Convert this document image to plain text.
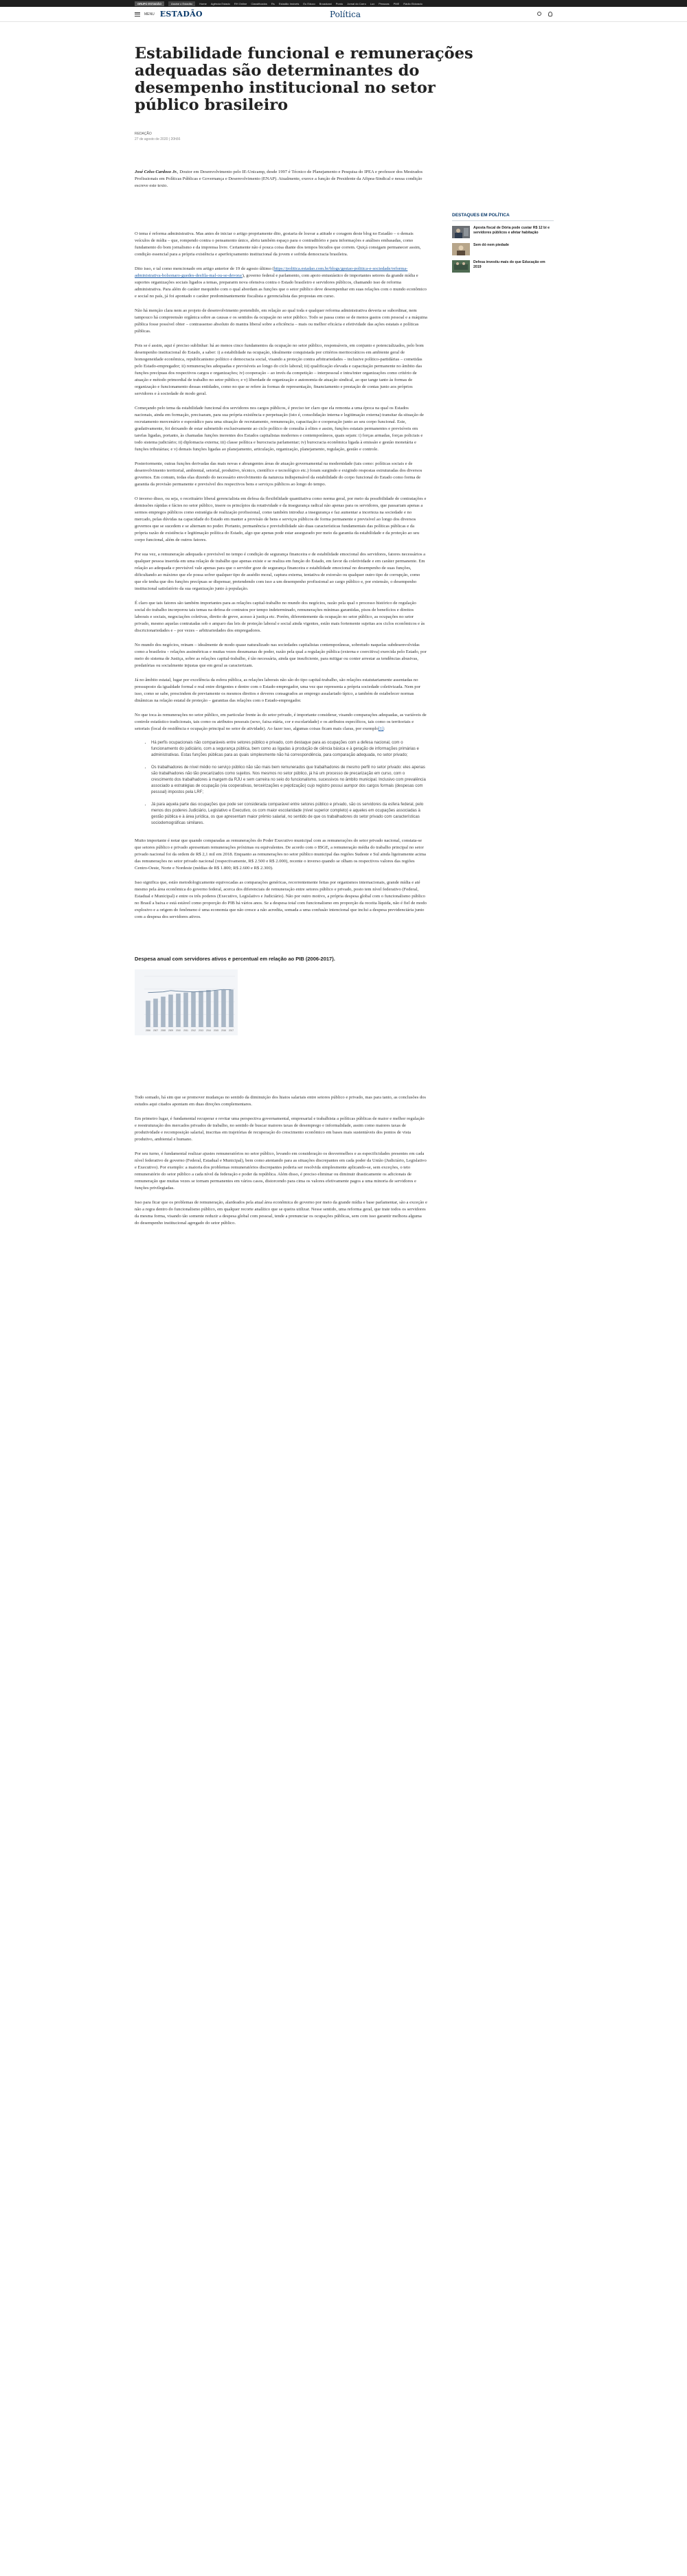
GRUPO ESTADÃO	Assine o Estadão	Home Agência Estado RH Online Classificados Rs Estadão Imóveis Eu Educo Broadcast Ponto Jornal do Carro Lux Pessoas PME Rádio Eldorado
MENU ESTADÃO	Política
Estabilidade funcional e remunerações adequadas são determinantes do desempenho institucional no setor público brasileiro
REDAÇÃO
27 de agosto de 2020 | 20h56

José Celso Cardoso Jr., Doutor em Desenvolvimento pelo IE-Unicamp, desde 1997 é Técnico de Planejamento e Pesquisa do IPEA e professor dos Mestrados Profissionais em Políticas Públicas e Governança e Desenvolvimento (ENAP). Atualmente, exerce a função de Presidente da Afipea-Sindical e nessa condição escreve este texto.

O tema é reforma administrativa. Mas antes de iniciar o artigo propriamente dito, gostaria de louvar a atitude e coragem deste blog no Estadão – o demais veículos de mídia – que, rompendo contra o pensamento único, abriu também espaço para o contraditório e para informações e análises embasadas, como fundamento do bom jornalismo e da imprensa livre. Certamente não é pouca coisa diante dos tempos bicudos que correm. Quiçá consigam permanecer assim, condição essencial para a própria existência e aperfeiçoamento institucional da jovem e sofrida democracia brasileira.

Dito isso, e tal como mencionado em artigo anterior de 19 de agosto último (https://politica.estadao.com.br/blogs/gestao-politica-e-sociedade/reforma-administrativa-bolsonaro-guedes-desfila-mal-ou-se-devora/), governo federal e parlamento, com apoio entusiástico de importantes setores da grande mídia e suportes organizações sociais ligados a temas, prepararm nova ofensiva contra o Estado brasileiro e servidores públicos, chamando isso de reforma administrativa. Para além do caráter mequinho com o qual abordam as funções que o setor público deve desempenhar em suas relações com o mundo econômico e social no país, já foi apontado o caráter predominantemente fiscalista e gerencialista das propostas em curso.

Não há menção clara nem ao projeto de desenvolvimento pretendido, em relação ao qual toda e qualquer reforma administrativa deveria se subordinar, nem tampouco há compreensão orgânica sobre as causas e os sentidos da ocupação no setor público. Todo se passa como se de menos gastos com pessoal e a máquina pública fosse possível obter – contrassenso absoluto do mantra liberal sobre a eficiência – mais ou melhor eficácia e efetividade das ações estatais e políticas públicas.

Pois se é assim, aqui é preciso sublinhar: há ao menos cinco fundamentos da ocupação no setor público, responsáveis, em conjunto e potencializados, pelo bom desempenho institucional do Estado, a saber: i) a estabilidade na ocupação, idealmente conquistada por critérios meritocráticos em ambiente geral de homogeneidade econômica, republicanismo político e democracia social, visando a proteção contra arbitrariedades – inclusive político-partidárias – cometidas pelo Estado-empregador; ii) remunerações adequadas e previsíveis ao longo do ciclo laboral; iii) qualificação elevada e capacitação permanente no âmbito das funções precípuas dos respectivos cargos e organizações; iv) cooperação – ao invés da competição – interpessoal e intra/inter organizações como critério de atuação e método primordial de trabalho no setor público; e v) liberdade de organização e autonomia de atuação sindical, ao que tange tanto às formas de organização e funcionamento dessas entidades, como no que se refere às formas de representação, financiamento e prestação de contas junto aos próprios servidores e à sociedade de modo geral.

Começando pelo tema da estabilidade funcional dos servidores nos cargos públicos, é preciso ter claro que ela remonta a uma época na qual os Estados nacionais, ainda em formação, precisaram, para sua própria existência e perpetuação (isto é, consolidação interna e legitimação externa) transitar da situação de recrutamento mercenário e esporádico para uma situação de recrutamento, remuneração, capacitação e cooperação junto ao seu corpo funcional. Este, gradativamente, foi deixando de estar submetido exclusivamente ao ciclo político de consulta à elites e assim, funções estatais permanentes e previsíveis em tarefas ligadas, portanto, às chamadas funções inerentes dos Estados capitalistas modernos e contemporâneos, quais sejam: i) forças armadas, forças policiais e todo sistema judiciário; ii) diplomacia externa; iii) classe política e burocracia parlamentar; iv) burocracia econômica ligada à emissão e gestão monetária e funções tributárias; e v) demais funções ligadas ao planejamento, articulação, organização, planejamento, regulação, gestão e controle.

Posteriormente, outras funções derivadas das mais novas e abrangentes áreas de atuação governamental na modernidade (tais como: políticas sociais e de desenvolvimento territorial, ambiental, setorial, produtivo, técnico, científico e tecnológico etc.) foram surgindo e exigindo respostas estruturadas dos diversos governos. Em comum, todas elas dizendo do necessário envolvimento da natureza indispensável da estabilidade do corpo funcional do Estado como forma de garantia da provisão permanente e previsível dos respectivos bens e serviços públicos ao longo do tempo.

O inverso disso, ou seja, o receituário liberal gerencialista em defesa da flexibilidade quantitativa como norma geral, por meio da possibilidade de contratações e demissões rápidas e fácies no setor público, insere os princípios da rotatividade e da insegurança radical não apenas para os servidores, que passariam apenas a sermos empregos públicos como estratégia de realização profissional, como também introduz a insegurança e faz aumentar a incerteza na sociedade e no mercado, pelas dúvidas na capacidade do Estado em manter a provisão de bens e serviços públicos de forma permanente e previsível ao longo dos diversos governos que se sucedem e se alternam no poder. Portanto, permanência e previsibilidade são duas características fundamentais das políticas públicas e da própria razão de existência e legitimação política do Estado, algo que apenas pode estar assegurado por meio da garantia da estabilidade e da proteção ao seu corpo funcional, além de outros fatores.

Por sua vez, a remuneração adequada e previsível no tempo é condição de segurança financeira e de estabilidade emocional dos servidores, fatores necessários a qualquer pessoa inserida em uma relação de trabalho que apenas existe e se realiza em função do Estado, em favor da coletividade e em caráter permanente. Em relação ao adequada e previsível vale apenas para que o servidor goze de segurança financeira e estabilidade emocional no desempenho de suas funções, dificultando ao máximo que ele possa sofrer qualquer tipo de assédio moral, captura externa, tentativa de extorsão ou qualquer outro tipo de corrupção, como que ele tenha que dos funções precípuas se dispensar, pretendendo com isso a um desempenho profissional ao cargo público e, por extensão, o desempenho institucional satisfatório da sua organização junto à população.

É claro que tais fatores são também importantes para as relações capital-trabalho no mundo dos negócios, razão pela qual o processo histórico de regulação social do trabalho incorporou tais temas na defesa de contratos por tempo indeterminado, remunerações mínimas garantidas, pisos de benefícios e direitos laborais e sociais, negociações coletivas, direito de greve, acesso à justiça etc. Porém, diferentemente da ocupação no setor público, as ocupações no setor privado, mesmo aquelas contratadas sob o amparo das leis de proteção laboral e social ainda vigentes, estão mais fortemente sujeitas aos ciclos econômicos e às discricionariedades e – por vezes – arbitrariedades dos empregadores.

No mundo dos negócios, reinam – idealmente de modo quase naturalizado nas sociedades capitalistas contemporâneas, sobretudo naquelas subdesenvolvidas como a brasileira – relações assimétricas e muitas vezes desumanas de poder, razão pela qual a regulação pública (externa e coercitiva) exercida pelo Estado, por meio do sistema de Justiça, sobre as relações capital-trabalho, é tão necessária, ainda que insuficiente, para mitigar ou conter arrestar as tendências abusivas, predatórias ou socialmente injustas que em geral as caracterizam.

Já no âmbito estatal, lugar por excelência da esfera pública, as relações laborais não são do tipo capital-trabalho, são relações estatutariamente assentadas no pressuposto da igualdade formal e real entre dirigentes e dentre com o Estado-empregador, uma vez que representa a própria sociedade coletivizada. Nem por isso, como se sabe, prescindem de previamente os mesmos direitos e deveres consagrados ao emprego assalariado típico, a também de estabelecer normas dinâmicas na relação estatal de proteção – garantias das relações com o Estado-empregador.

No que toca às remunerações no setor público, em particular frente às do setor privado, é importante considerar, visando comparações adequadas, as variáveis de controle estatístico tradicionais, tais como os atributos pessoais (sexo, faixa etária, cor e escolaridade) e os atributos específicos, tais como os territoriais e setoriais (local de residência e ocupação principal no setor de atividade). Ao fazer isso, algumas coisas ficam mais claras, por exemplo[1]:

• Há perfis ocupacionais não comparáveis entre setores público e privado, com destaque para as ocupações com a defesa nacional, com o funcionamento do judiciário, com a segurança pública, bem como as ligadas à produção de ciência básica e à geração de informações primárias e administrativas. Estas funções públicas para as quais simplesmente não há correspondência, para comparação adequada, no setor privado;
• Os trabalhadores de nível médio no serviço público não são mais bem remunerados que trabalhadores de mesmo perfil no setor privado: eles apenas são trabalhadores não tão precarizados como sujeitos. Nos mesmos no setor público, já há um processo de precarização em curso, com o crescimento dos trabalhadores à margem da RJU e sem carreira no seio do funcionalismo, sucessivos no âmbito municipal. Inclusivo com prevalência associado a estratégias de ocupação (via cooperativas, terceirizações e pejotização) cujo registro possui aumpor dos cargos formais (despesas com pessoal) impostos pela LRF;
• Já para aquela parte das ocupações que pode ser considerada comparável entre setores público e privado, são os servidores da esfera federal, pelo menos dos poderes Judiciário, Legislativo e Executivo, os com maior escolaridade (nível superior completo) e aqueles em ocupações associadas à gestão pública e à área jurídica, os que apresentam maior prêmio salarial, no sentido de que os trabalhadores do setor privado com características sociodemográficas similares.

Muito importante é notar que quando comparadas as remunerações do Poder Executivo municipal com as remunerações do setor privado nacional, constata-se que setores público e privado apresentam remunerações próximas ou equivalentes. De acordo com o IBGE, a remuneração média do trabalho principal no setor privado nacional foi da ordem de R$ 2,1 mil em 2018. Enquanto as remunerações no setor público municipal das regiões Sudeste e Sul ainda ligeiramente acima das remunerações no setor privado nacional (respectivamente, R$ 2.500 e R$ 2.000), recente o inverso quando se olham os respectivos valores das regiões Centro-Oeste, Norte e Nordeste (médias de R$ 1.800; R$ 2.600 e R$ 2.300).

Isso significa que, estão metodologicamente equivocadas as comparações genéricas, recorrentemente feitas por organismos internacionais, grande mídia e até mesmo pela área econômica do governo federal, acerca dos diferenciais de remuneração entre setores público e privado, posto tem nível federativo (Federal, Estadual e Municipal) e entre os três poderes (Executivo, Legislativo e Judiciário). Não por outro motivo, a própria despesa global com o funcionalismo público no Brasil a baixa e está estável como proporção do PIB há vários anos. Se a despesa total com funcionalismo em proporção da receita líquida, não é fiel de modo explosivo e a origem do fenômeno é uma economia que não cresce a não acredita, somada a uma confusão intencional que inclui a despesa previdenciária junto com a despesa dos servidores ativos.

Despesa anual com servidores ativos e percentual em relação ao PIB (2006-2017).
2006 2007 2008 2009 2010 2011 2012 2013 2014 2015 2016 2017

Todo somado, há sim que se promover mudanças no sentido da diminuição dos hiatos salariais entre setores público e privado, mas para tanto, as conclusões dos estudos aqui citados apontam em duas direções complementares.

Em primeiro lugar, é fundamental recuperar e revitar uma perspectiva governamental, empresarial e trabalhista a políticas públicas de maior e melhor regulação e reestruturação dos mercados privados de trabalho, no sentido de buscar maiores taxas de desemprego e informalidade, assim como maiores taxas de produtividade e recomposição salarial, inscritas em trajetórias de recuperação do crescimento econômico em bases mais sustentáveis dos pontos de vista produtivo, ambiental e humano.

Por seu turno, é fundamental realizar ajustes remuneratórios no setor público, levando em consideração os desvermelhos e as especificidades presentes em cada nível federativo de governo (Federal, Estadual e Municipal), bem como atentando para as situações discrepantes em cada poder da União (Judiciário, Legislativo e Executivo). Por exemplo: a maioria dos problemas remuneratórios discrepantes poderia ser resolvida simplesmente aplicando-se, sem exceções, o teto remuneratório do setor público a cada nível da federação e poder da república. Além disso, é preciso eliminar ou diminuir drasticamente os adicionais de remuneração que muitas vezes se tornam permanentes em vários casos, distorcendo para cima os valores efetivamente pagos a uma minoria de servidores e funções privilegiadas.

Isso para ficar que os problemas de remuneração, alardeados pela atual área econômica do governo por meio da grande mídia e base parlamentar, são a exceção e não a regra dentro do funcionalismo público, em qualquer recorte analítico que se queira utilizar. Nesse sentido, uma reforma geral, que trate todos os servidores da mesma forma, visando tão somente reduzir a despesa global com pessoal, tende a prenunciar os ocupações públicas, sem com isso garantir melhora alguma do desempenho institucional agregado do setor público.

DESTAQUES EM POLÍTICA
Aposta fiscal de Dória pode custar R$ 12 bi e servidores públicos e afetar habitação
Sem dó nem piedade
Defesa investiu mais do que Educação em 2019
